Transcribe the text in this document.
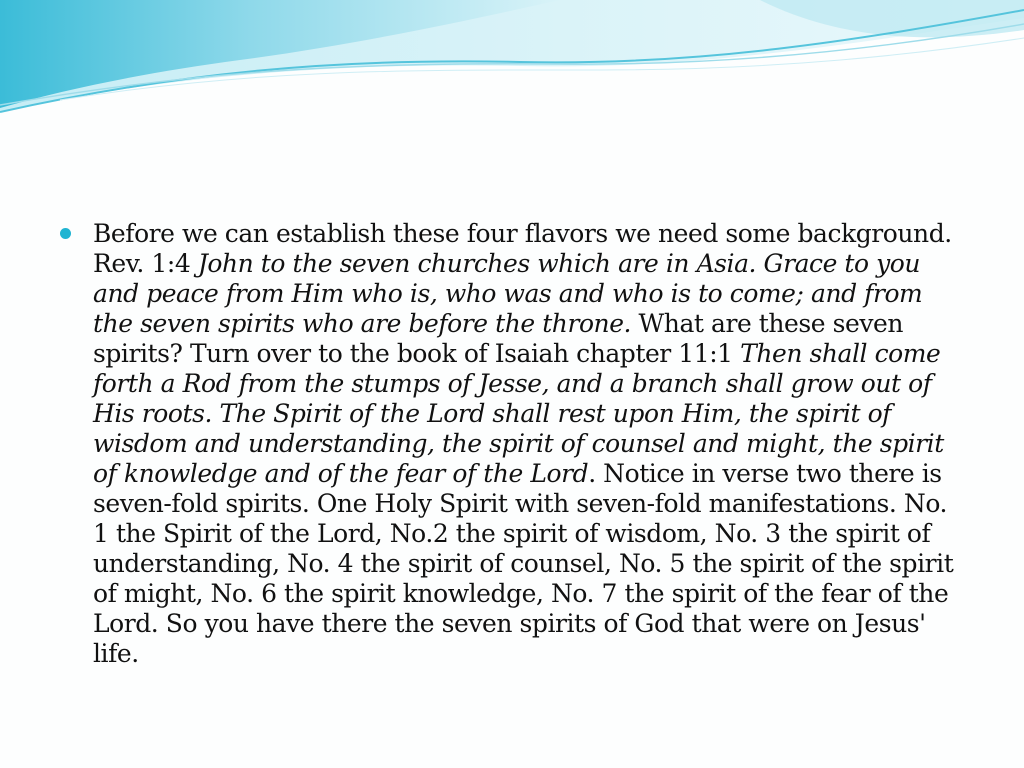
Before we can establish these four flavors we need some background. Rev. 1:4 John to the seven churches which are in Asia. Grace to you and peace from Him who is, who was and who is to come; and from the seven spirits who are before the throne. What are these seven spirits? Turn over to the book of Isaiah chapter 11:1 Then shall come forth a Rod from the stumps of Jesse, and a branch shall grow out of His roots. The Spirit of the Lord shall rest upon Him, the spirit of wisdom and understanding, the spirit of counsel and might, the spirit of knowledge and of the fear of the Lord. Notice in verse two there is seven-fold spirits. One Holy Spirit with seven-fold manifestations. No. 1 the Spirit of the Lord, No.2 the spirit of wisdom, No. 3 the spirit of understanding, No. 4 the spirit of counsel, No. 5 the spirit of the spirit of might, No. 6 the spirit knowledge, No. 7 the spirit of the fear of the Lord. So you have there the seven spirits of God that were on Jesus' life.
